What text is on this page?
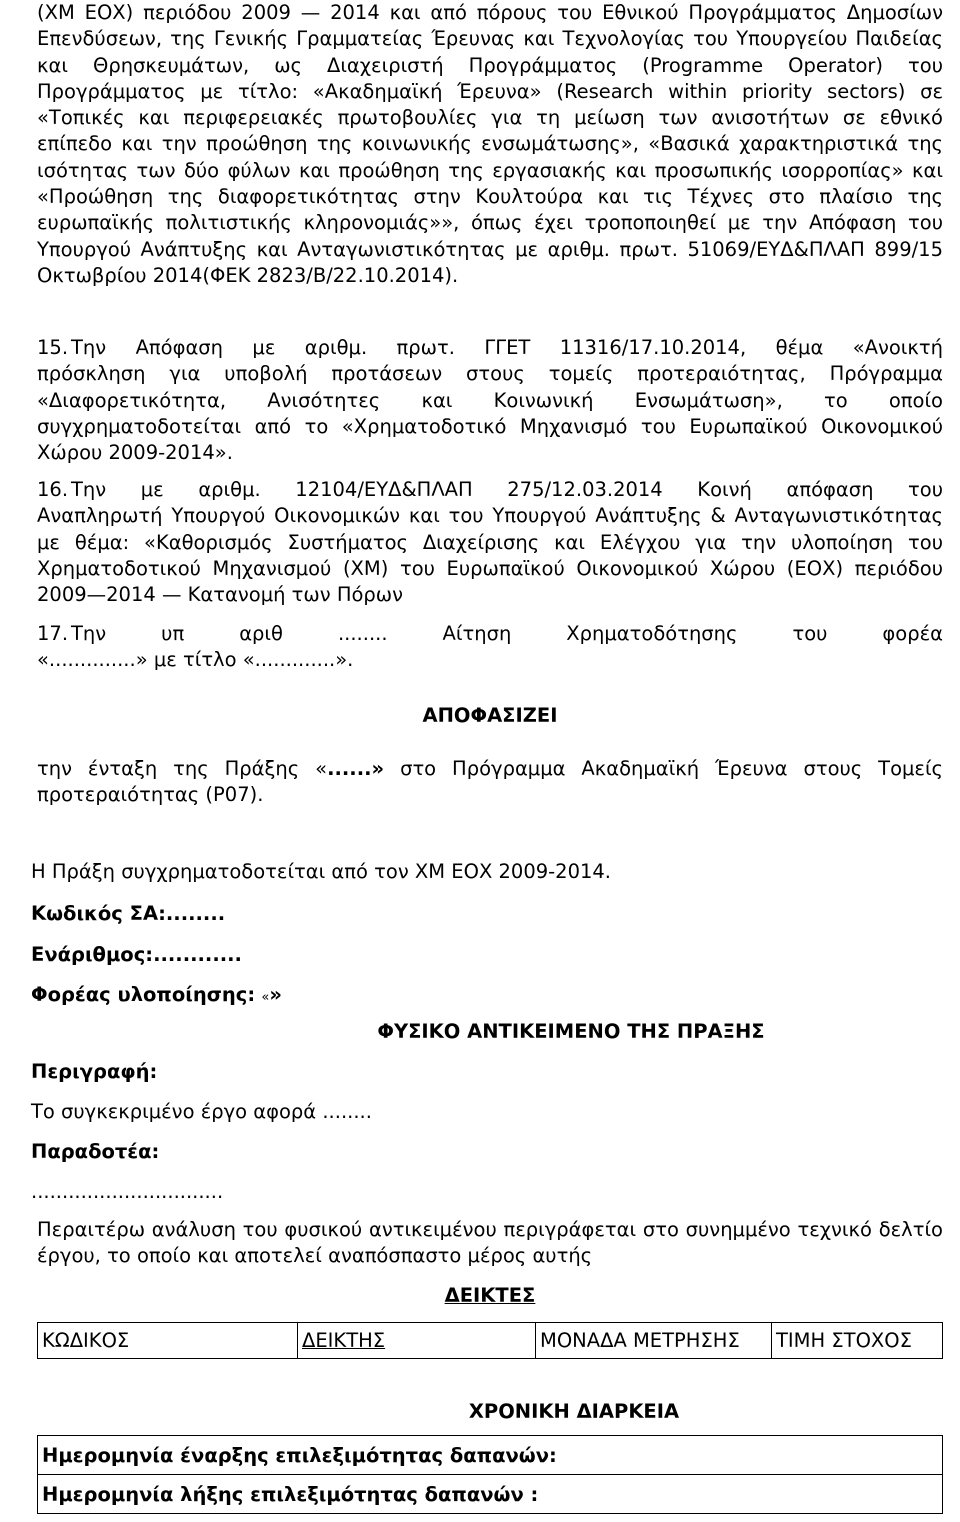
(ΧΜ ΕΟΧ) περιόδου 2009 — 2014 και από πόρους του Εθνικού Προγράμματος Δημοσίων Επενδύσεων, της Γενικής Γραμματείας Έρευνας και Τεχνολογίας του Υπουργείου Παιδείας και Θρησκευμάτων, ως Διαχειριστή Προγράμματος (Programme Operator) του Προγράμματος με τίτλο: «Ακαδημαϊκή Έρευνα» (Research within priority sectors) σε «Τοπικές και περιφερειακές πρωτοβουλίες για τη μείωση των ανισοτήτων σε εθνικό επίπεδο και την προώθηση της κοινωνικής ενσωμάτωσης», «Βασικά χαρακτηριστικά της ισότητας των δύο φύλων και προώθηση της εργασιακής και προσωπικής ισορροπίας» και «Προώθηση της διαφορετικότητας στην Κουλτούρα και τις Τέχνες στο πλαίσιο της ευρωπαϊκής πολιτιστικής κληρονομιάς»», όπως έχει τροποποιηθεί με την Απόφαση του Υπουργού Ανάπτυξης και Ανταγωνιστικότητας με αριθμ. πρωτ. 51069/ΕΥΔ&ΠΛΑΠ 899/15 Οκτωβρίου 2014(ΦΕΚ 2823/Β/22.10.2014).

15. Την Απόφαση με αριθμ. πρωτ. ΓΓΕΤ 11316/17.10.2014, θέμα «Ανοικτή

πρόσκληση για υποβολή προτάσεων στους τομείς προτεραιότητας, Πρόγραμμα «Διαφορετικότητα, Ανισότητες και Κοινωνική Ενσωμάτωση», το οποίο συγχρηματοδοτείται από το «Χρηματοδοτικό Μηχανισμό του Ευρωπαϊκού Οικονομικού Χώρου 2009-2014».

16. Την με αριθμ. 12104/ΕΥΔ&ΠΛΑΠ 275/12.03.2014 Κοινή απόφαση του

Αναπληρωτή Υπουργού Οικονομικών και του Υπουργού Ανάπτυξης & Ανταγωνιστικότητας με θέμα: «Καθορισμός Συστήματος Διαχείρισης και Ελέγχου για την υλοποίηση του Χρηματοδοτικού Μηχανισμού (ΧΜ) του Ευρωπαϊκού Οικονομικού Χώρου (ΕΟΧ) περιόδου 2009—2014 — Κατανομή των Πόρων

17. Την υπ αριθ ........ Αίτηση Χρηματοδότησης του φορέα

«..............» με τίτλο «.............».

ΑΠΟΦΑΣΙΖΕΙ

την ένταξη της Πράξης «......» στο Πρόγραμμα Ακαδημαϊκή Έρευνα στους Τομείς προτεραιότητας (P07).

Η Πράξη συγχρηματοδοτείται από τον ΧΜ ΕΟΧ 2009-2014.
Κωδικός ΣΑ:........
Ενάριθμος:............
Φορέας υλοποίησης: «»
ΦΥΣΙΚΟ ΑΝΤΙΚΕΙΜΕΝΟ ΤΗΣ ΠΡΑΞΗΣ
Περιγραφή:
Το συγκεκριμένο έργο αφορά ........
Παραδοτέα:
...............................

Περαιτέρω ανάλυση του φυσικού αντικειμένου περιγράφεται στο συνημμένο τεχνικό δελτίο έργου, το οποίο και αποτελεί αναπόσπαστο μέρος αυτής

ΔΕΙΚΤΕΣ
ΚΩΔΙΚΟΣ	ΔΕΙΚΤΗΣ	ΜΟΝΑΔΑ ΜΕΤΡΗΣΗΣ	ΤΙΜΗ ΣΤΟΧΟΣ
ΧΡΟΝΙΚΗ ΔΙΑΡΚΕΙΑ
Ημερομηνία έναρξης επιλεξιμότητας δαπανών:
Ημερομηνία λήξης επιλεξιμότητας δαπανών :
